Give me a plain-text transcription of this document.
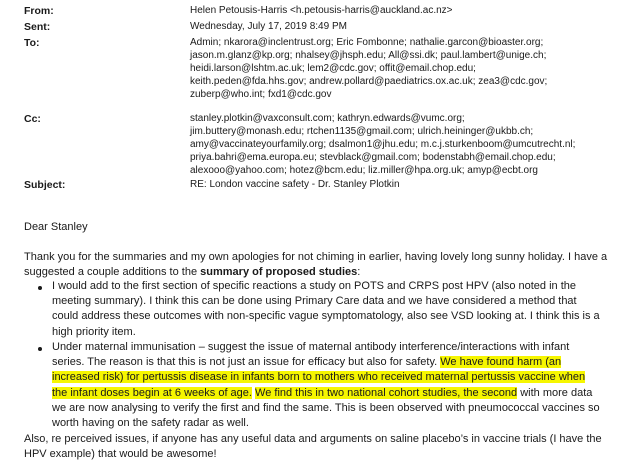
From:	Helen Petousis-Harris <h.petousis-harris@auckland.ac.nz>
Sent:	Wednesday, July 17, 2019 8:49 PM
To:	Admin; nkarora@inclentrust.org; Eric Fombonne; nathalie.garcon@bioaster.org;
jason.m.glanz@kp.org; nhalsey@jhsph.edu; All@ssi.dk; paul.lambert@unige.ch;
heidi.larson@lshtm.ac.uk; lem2@cdc.gov; offit@email.chop.edu;
keith.peden@fda.hhs.gov; andrew.pollard@paediatrics.ox.ac.uk; zea3@cdc.gov;
zuberp@who.int; fxd1@cdc.gov
Cc:	stanley.plotkin@vaxconsult.com; kathryn.edwards@vumc.org;
jim.buttery@monash.edu; rtchen1135@gmail.com; ulrich.heininger@ukbb.ch;
amy@vaccinateyourfamily.org; dsalmon1@jhu.edu; m.c.j.sturkenboom@umcutrecht.nl;
priya.bahri@ema.europa.eu; stevblack@gmail.com; bodenstabh@email.chop.edu;
alexooo@yahoo.com; hotez@bcm.edu; liz.miller@hpa.org.uk; amyp@ecbt.org
Subject:	RE: London vaccine safety - Dr. Stanley Plotkin
Dear Stanley
Thank you for the summaries and my own apologies for not chiming in earlier, having lovely long sunny holiday. I have a
suggested a couple additions to the summary of proposed studies:
I would add to the first section of specific reactions a study on POTS and CRPS post HPV (also noted in the
meeting summary). I think this can be done using Primary Care data and we have considered a method that
could address these outcomes with non-specific vague symptomatology, also see VSD looking at. I think this is a
high priority item.
Under maternal immunisation – suggest the issue of maternal antibody interference/interactions with infant
series. The reason is that this is not just an issue for efficacy but also for safety. We have found harm (an
increased risk) for pertussis disease in infants born to mothers who received maternal pertussis vaccine when
the infant doses begin at 6 weeks of age. We find this in two national cohort studies, the second with more data
we are now analysing to verify the first and find the same. This is been observed with pneumococcal vaccines so
worth having on the safety radar as well.
Also, re perceived issues, if anyone has any useful data and arguments on saline placebo’s in vaccine trials (I have the
HPV example) that would be awesome!
